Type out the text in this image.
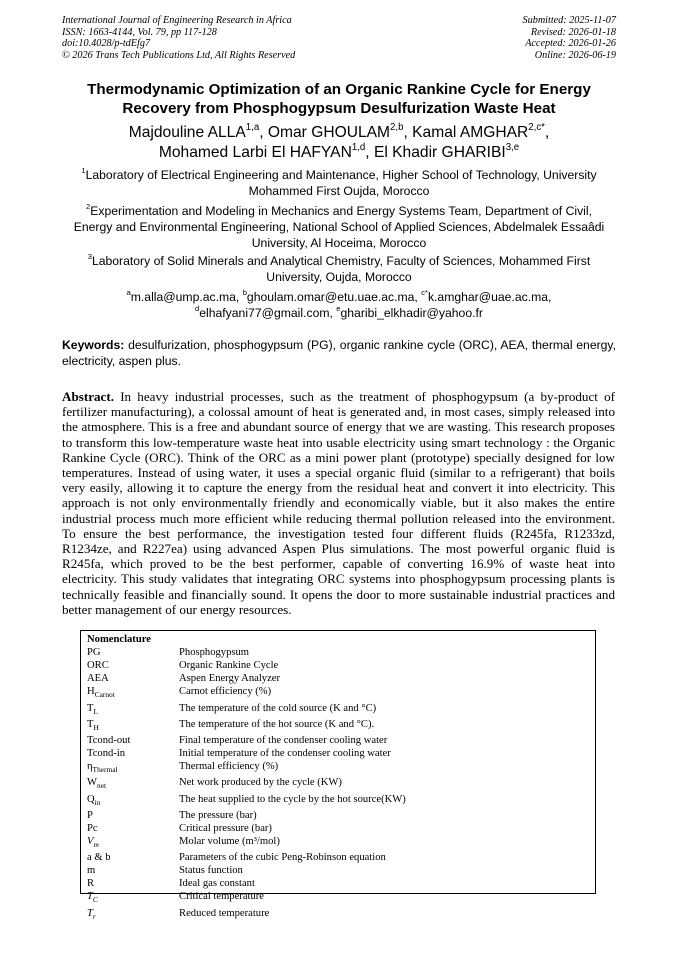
International Journal of Engineering Research in Africa
ISSN: 1663-4144, Vol. 79, pp 117-128
doi:10.4028/p-tdEfg7
© 2026 Trans Tech Publications Ltd, All Rights Reserved
Submitted: 2025-11-07
Revised: 2026-01-18
Accepted: 2026-01-26
Online: 2026-06-19
Thermodynamic Optimization of an Organic Rankine Cycle for Energy
Recovery from Phosphogypsum Desulfurization Waste Heat
Majdouline ALLA$^{1,a}$, Omar GHOULAM$^{2,b}$, Kamal $AMGHAR^{2,c*}$,
Mohamed Larbi El HAFYAN$^{1,d}$, El Khadir GHARIBI$^{3,e}$
$^1$Laboratory of Electrical Engineering and Maintenance, Higher School of Technology, University
Mohammed First Oujda, Morocco
$^2$Experimentation and Modeling in Mechanics and Energy Systems Team, Department of Civil,
Energy and Environmental Engineering, National School of Applied Sciences, Abdelmalek Essaâdi
University, Al Hoceima, Morocco
$^3$Laboratory of Solid Minerals and Analytical Chemistry, Faculty of Sciences, Mohammed First
University, Oujda, Morocco
$^a$m.alla@ump.ac.ma, $^b$ghoulam.omar@etu.uae.ac.ma, $^{c*}$k.amghar@uae.ac.ma,
$^d$elhafyani77@gmail.com, $^e$gharibi_elkhadir@yahoo.fr
Keywords: desulfurization, phosphogypsum (PG), organic rankine cycle (ORC), AEA, thermal energy, electricity, aspen plus.
Abstract. In heavy industrial processes, such as the treatment of phosphogypsum (a by-product of fertilizer manufacturing), a colossal amount of heat is generated and, in most cases, simply released into the atmosphere. This is a free and abundant source of energy that we are wasting. This research proposes to transform this low-temperature waste heat into usable electricity using smart technology : the Organic Rankine Cycle (ORC). Think of the ORC as a mini power plant (prototype) specially designed for low temperatures. Instead of using water, it uses a special organic fluid (similar to a refrigerant) that boils very easily, allowing it to capture the energy from the residual heat and convert it into electricity. This approach is not only environmentally friendly and economically viable, but it also makes the entire industrial process much more efficient while reducing thermal pollution released into the environment. To ensure the best performance, the investigation tested four different fluids (R245fa, R1233zd, R1234ze, and R227ea) using advanced Aspen Plus simulations. The most powerful organic fluid is R245fa, which proved to be the best performer, capable of converting 16.9% of waste heat into electricity. This study validates that integrating ORC systems into phosphogypsum processing plants is technically feasible and financially sound. It opens the door to more sustainable industrial practices and better management of our energy resources.
Nomenclature
PG	Phosphogypsum
ORC	Organic Rankine Cycle
AEA	Aspen Energy Analyzer
$H_{Carnot}$	Carnot efficiency (%)
$T_L$	The temperature of the cold source (K and °C)
$T_H$	The temperature of the hot source (K and °C).
Tcond-out	Final temperature of the condenser cooling water
Tcond-in	Initial temperature of the condenser cooling water
$\eta_{Thermal}$	Thermal efficiency (%)
$W_{net}$	Net work produced by the cycle (KW)
$Q_{in}$	The heat supplied to the cycle by the hot source(KW)
P	The pressure (bar)
Pc	Critical pressure (bar)
$V_m$	Molar volume (m³/mol)
a & b	Parameters of the cubic Peng-Robinson equation
m	Status function
R	Ideal gas constant
$T_C$	Critical temperature
$T_r$	Reduced temperature
